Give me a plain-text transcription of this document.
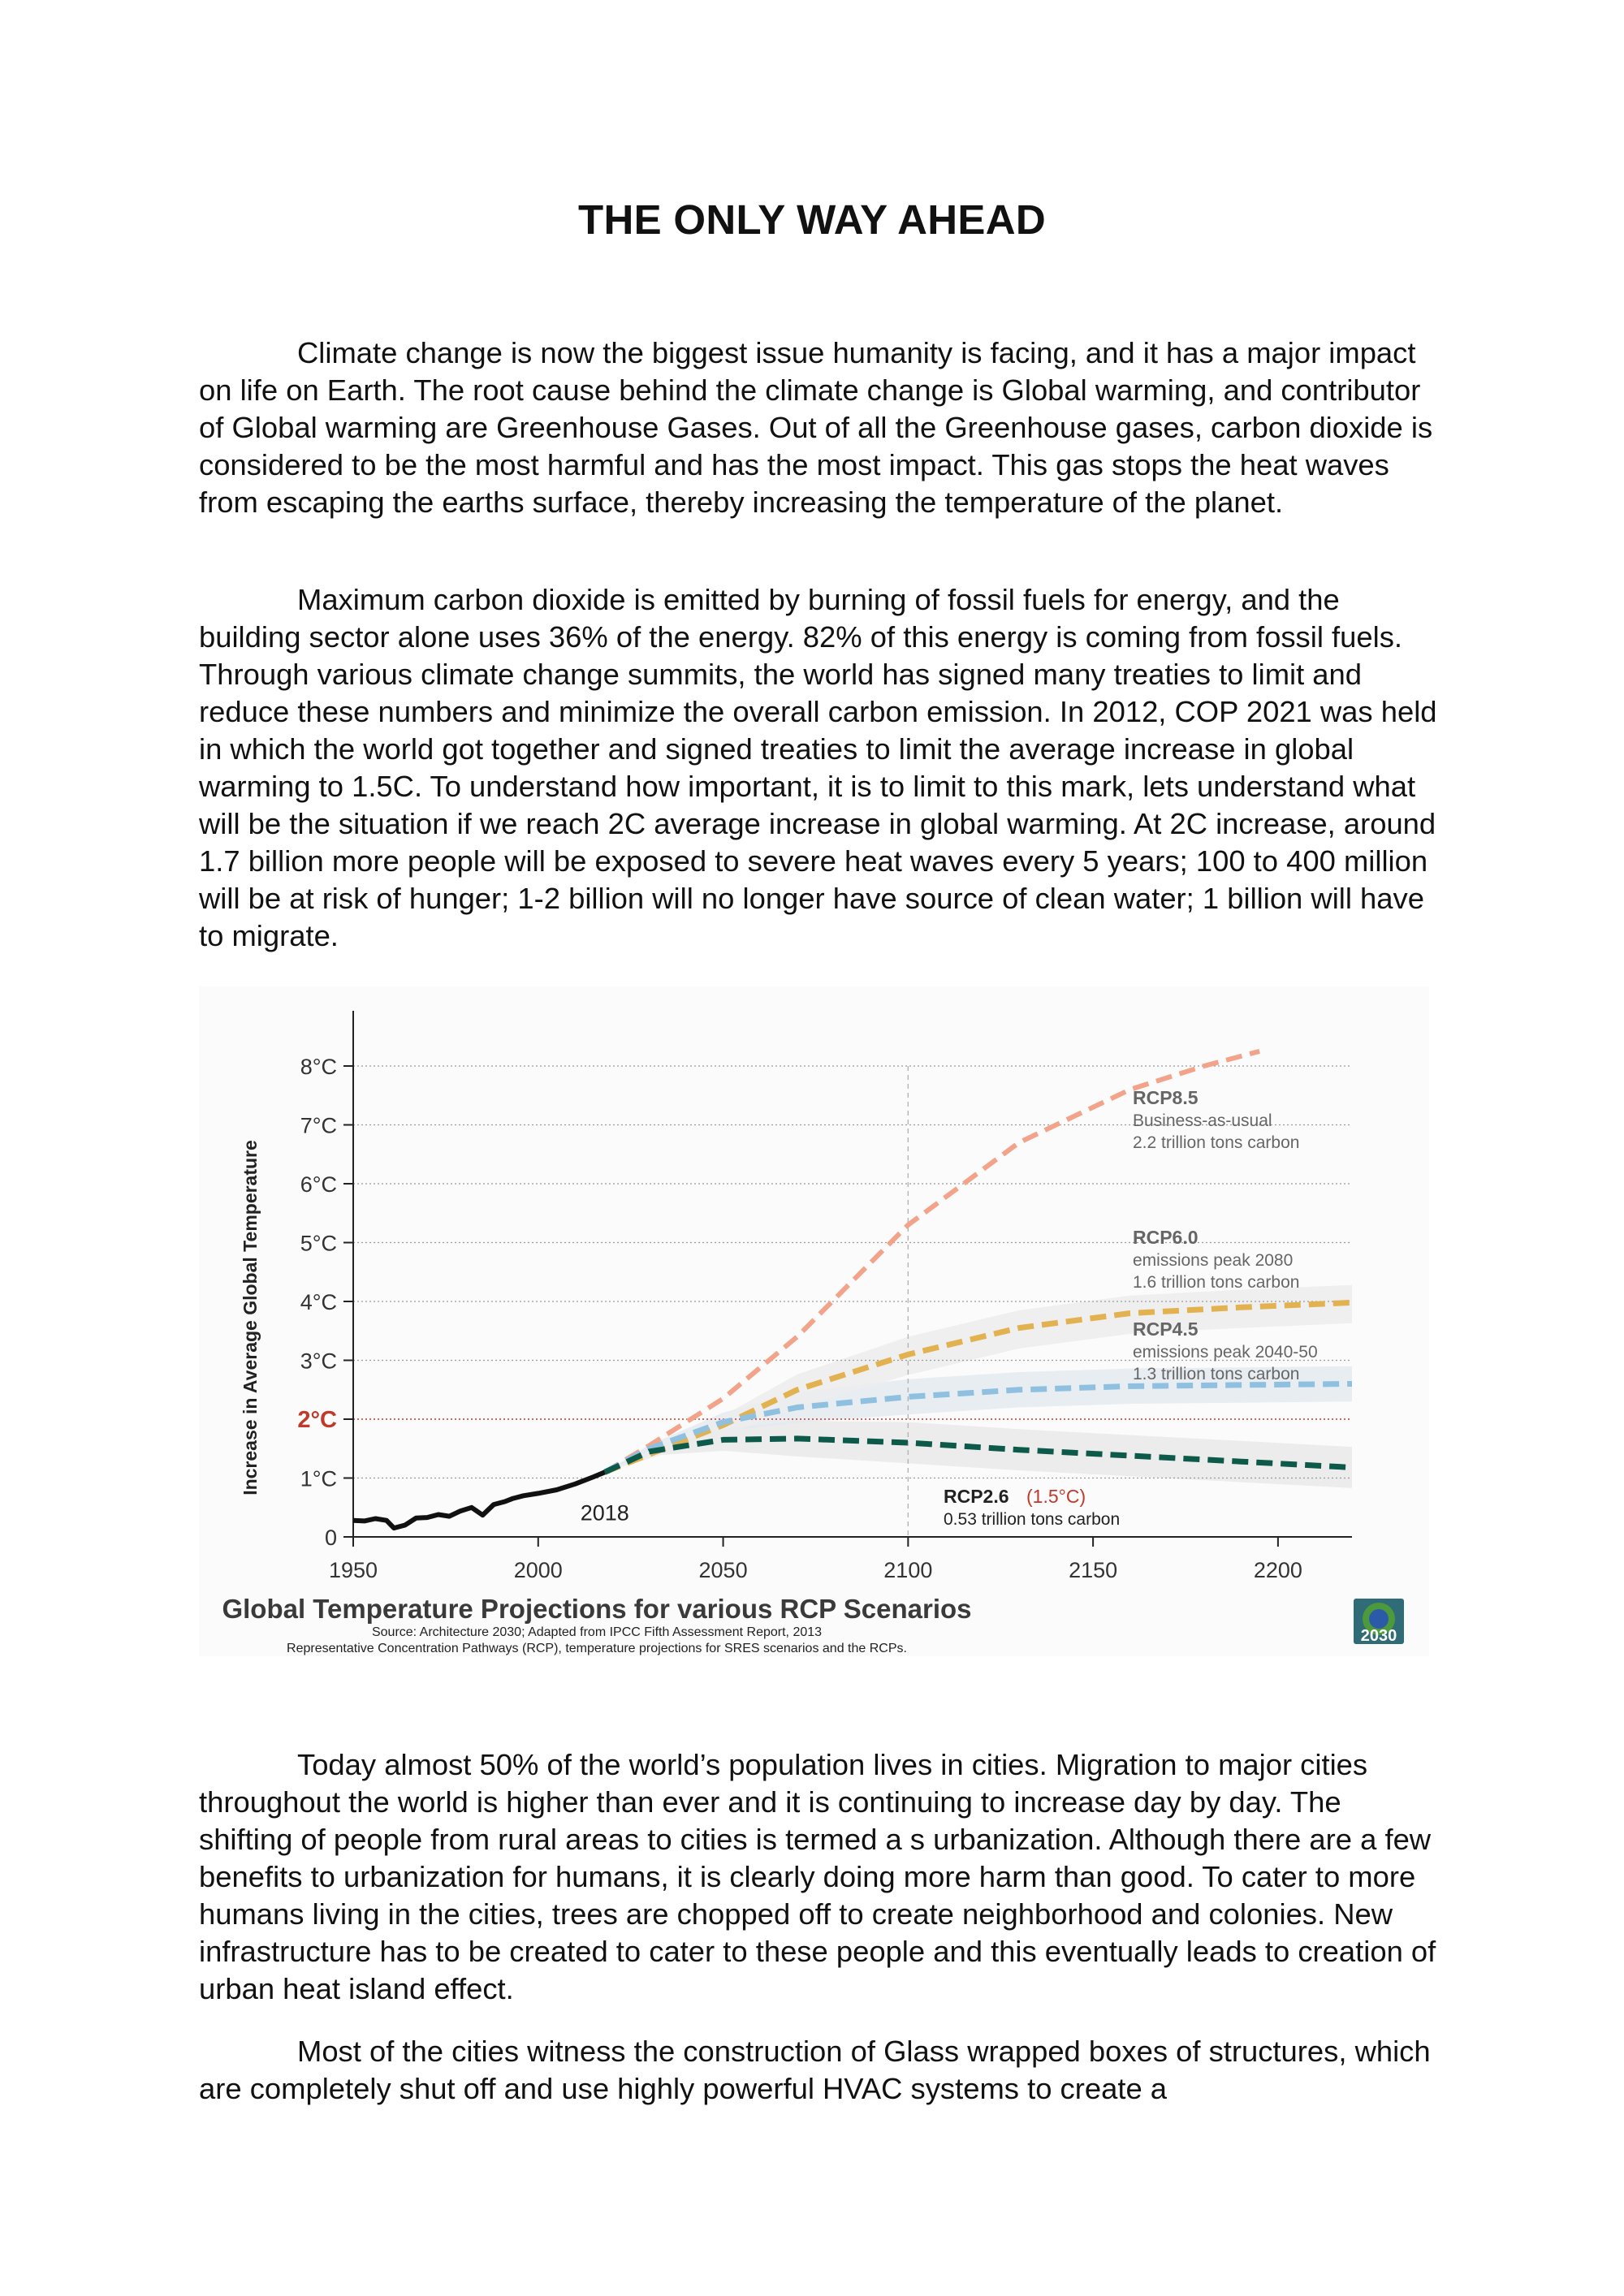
THE ONLY WAY AHEAD

Climate change is now the biggest issue humanity is facing, and it has a major impact on life on Earth. The root cause behind the climate change is Global warming, and contributor of Global warming are Greenhouse Gases. Out of all the Greenhouse gases, carbon dioxide is considered to be the most harmful and has the most impact. This gas stops the heat waves from escaping the earths surface, thereby increasing the temperature of the planet.

Maximum carbon dioxide is emitted by burning of fossil fuels for energy, and the building sector alone uses 36% of the energy. 82% of this energy is coming from fossil fuels. Through various climate change summits, the world has signed many treaties to limit and reduce these numbers and minimize the overall carbon emission. In 2012, COP 2021 was held in which the world got together and signed treaties to limit the average increase in global warming to 1.5C. To understand how important, it is to limit to this mark, lets understand what will be the situation if we reach 2C average increase in global warming. At 2C increase, around 1.7 billion more people will be exposed to severe heat waves every 5 years; 100 to 400 million will be at risk of hunger; 1-2 billion will no longer have source of clean water; 1 billion will have to migrate.

0
1°C
2°C
3°C
4°C
5°C
6°C
7°C
8°C
1950	2000	2050	2100	2150	2200
Increase in Average Global Temperature
2018
RCP8.5
Business-as-usual
2.2 trillion tons carbon
RCP6.0
emissions peak 2080
1.6 trillion tons carbon
RCP4.5
emissions peak 2040-50
1.3 trillion tons carbon
RCP2.6 (1.5°C)
0.53 trillion tons carbon
Global Temperature Projections for various RCP Scenarios
Source: Architecture 2030; Adapted from IPCC Fifth Assessment Report, 2013
Representative Concentration Pathways (RCP), temperature projections for SRES scenarios and the RCPs.
2030

Today almost 50% of the world’s population lives in cities. Migration to major cities throughout the world is higher than ever and it is continuing to increase day by day. The shifting of people from rural areas to cities is termed a s urbanization. Although there are a few benefits to urbanization for humans, it is clearly doing more harm than good. To cater to more humans living in the cities, trees are chopped off to create neighborhood and colonies. New infrastructure has to be created to cater to these people and this eventually leads to creation of urban heat island effect.

Most of the cities witness the construction of Glass wrapped boxes of structures, which are completely shut off and use highly powerful HVAC systems to create a
